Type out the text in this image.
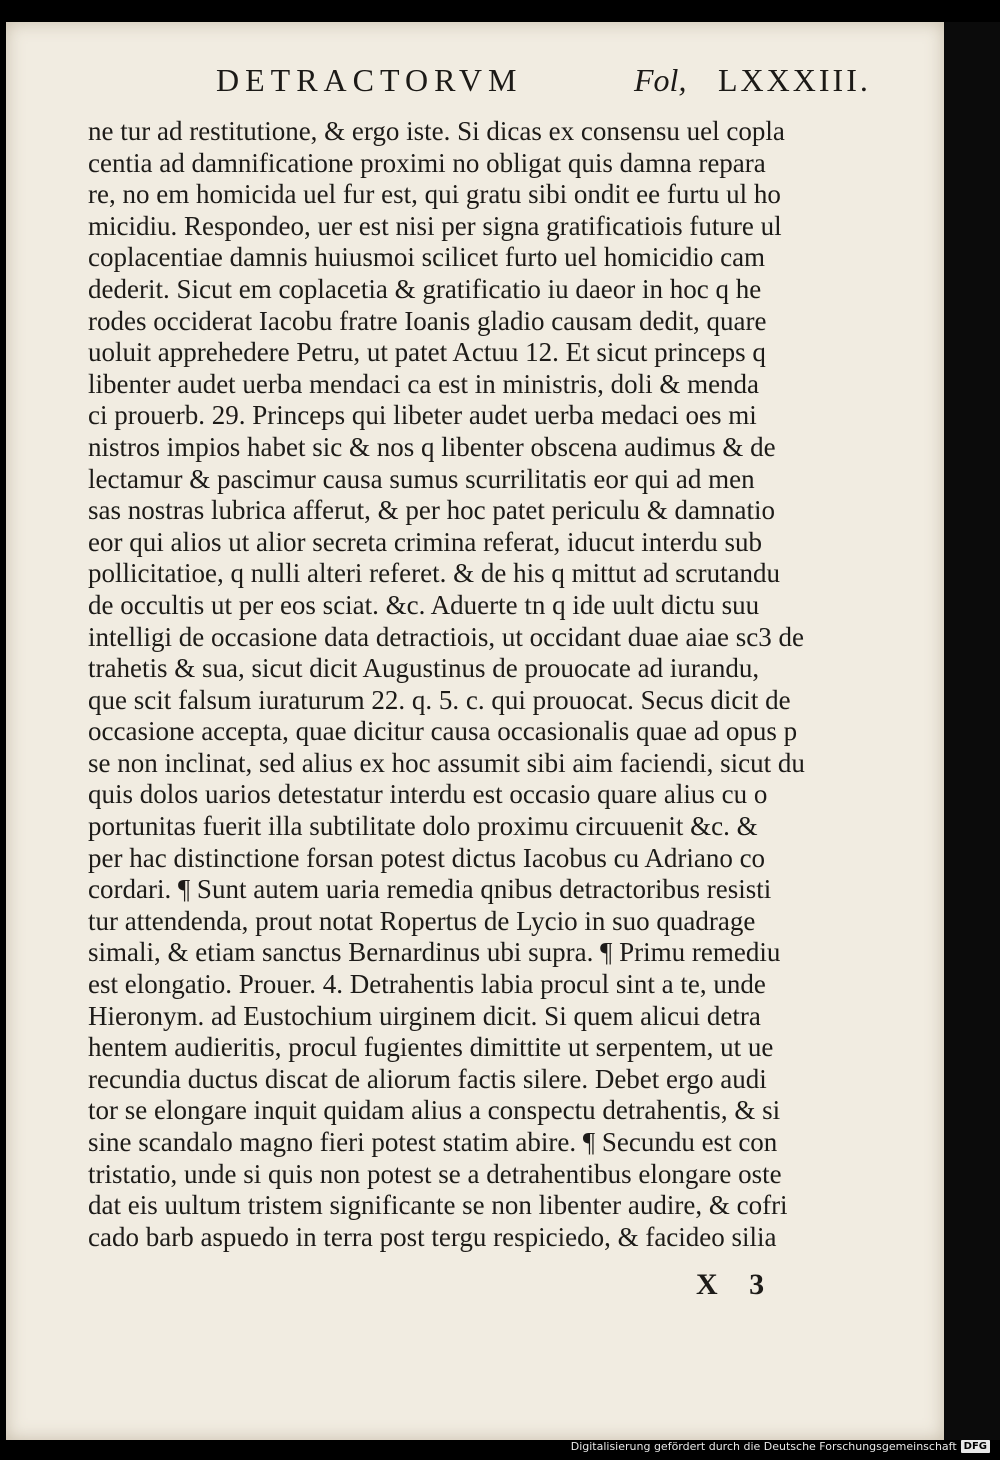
DETRACTORVM	Fol, LXXXIII.
ne tur ad restitutione, & ergo iste. Si dicas ex consensu uel copla
centia ad damnificatione proximi no obligat quis damna repara
re, no em homicida uel fur est, qui gratu sibi ondit ee furtu ul ho
micidiu. Respondeo, uer est nisi per signa gratificatiois future ul
coplacentiae damnis huiusmoi scilicet furto uel homicidio cam
dederit. Sicut em coplacetia & gratificatio iu daeor in hoc q he
rodes occiderat Iacobu fratre Ioanis gladio causam dedit, quare
uoluit apprehedere Petru, ut patet Actuu 12. Et sicut princeps q
libenter audet uerba mendaci ca est in ministris, doli & menda
ci prouerb. 29. Princeps qui libeter audet uerba medaci oes mi
nistros impios habet sic & nos q libenter obscena audimus & de
lectamur & pascimur causa sumus scurrilitatis eor qui ad men
sas nostras lubrica afferut, & per hoc patet periculu & damnatio
eor qui alios ut alior secreta crimina referat, iducut interdu sub
pollicitatioe, q nulli alteri referet. & de his q mittut ad scrutandu
de occultis ut per eos sciat. &c. Aduerte tn q ide uult dictu suu
intelligi de occasione data detractiois, ut occidant duae aiae sc3 de
trahetis & sua, sicut dicit Augustinus de prouocate ad iurandu,
que scit falsum iuraturum 22. q. 5. c. qui prouocat. Secus dicit de
occasione accepta, quae dicitur causa occasionalis quae ad opus p
se non inclinat, sed alius ex hoc assumit sibi aim faciendi, sicut du
quis dolos uarios detestatur interdu est occasio quare alius cu o
portunitas fuerit illa subtilitate dolo proximu circuuenit &c. &
per hac distinctione forsan potest dictus Iacobus cu Adriano co
cordari. ¶ Sunt autem uaria remedia qnibus detractoribus resisti
tur attendenda, prout notat Ropertus de Lycio in suo quadrage
simali, & etiam sanctus Bernardinus ubi supra. ¶ Primu remediu
est elongatio. Prouer. 4. Detrahentis labia procul sint a te, unde
Hieronym. ad Eustochium uirginem dicit. Si quem alicui detra
hentem audieritis, procul fugientes dimittite ut serpentem, ut ue
recundia ductus discat de aliorum factis silere. Debet ergo audi
tor se elongare inquit quidam alius a conspectu detrahentis, & si
sine scandalo magno fieri potest statim abire. ¶ Secundu est con
tristatio, unde si quis non potest se a detrahentibus elongare oste
dat eis uultum tristem significante se non libenter audire, & cofri
cado barb aspuedo in terra post tergu respiciedo, & facideo silia
X 3
Digitalisierung gefördert durch die Deutsche Forschungsgemeinschaft DFG
